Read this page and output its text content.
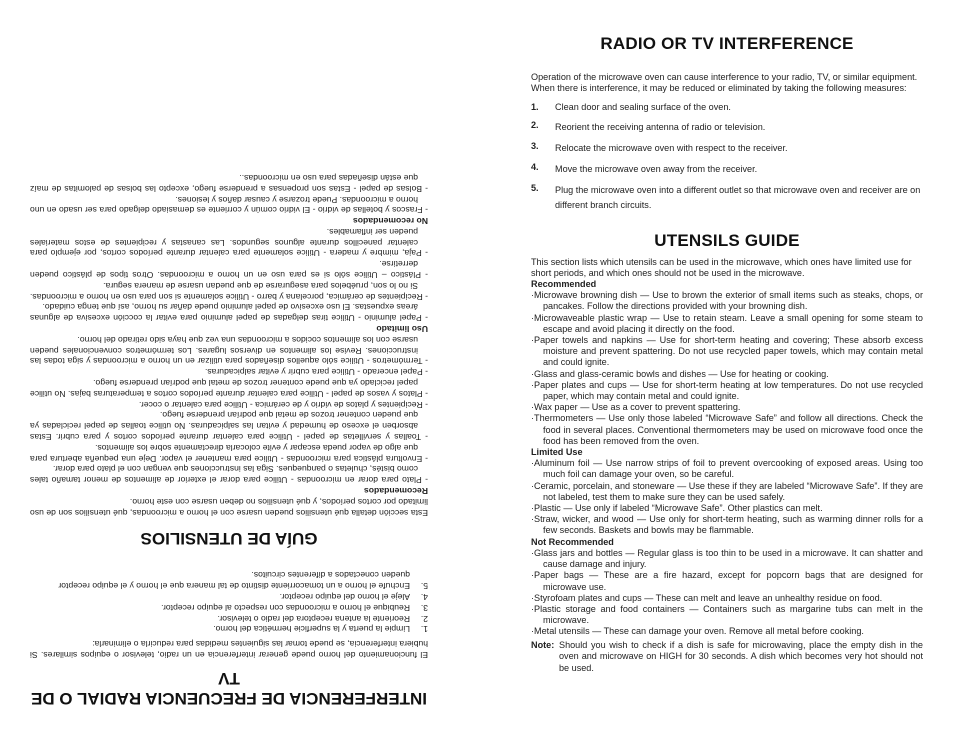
RADIO OR TV INTERFERENCE

Operation of the microwave oven can cause interference to your radio, TV, or similar equipment. When there is interference, it may be reduced or eliminated by taking the following measures:

1.	Clean door and sealing surface of the oven.
2.	Reorient the receiving antenna of radio or television.
3.	Relocate the microwave oven with respect to the receiver.
4.	Move the microwave oven away from the receiver.
5.	Plug the microwave oven into a different outlet so that microwave oven and receiver are on different branch circuits.
UTENSILS GUIDE

This section lists which utensils can be used in the microwave, which ones have limited use for short periods, and which ones should not be used in the microwave.

Recommended
·Microwave browning dish — Use to brown the exterior of small items such as steaks, chops, or pancakes. Follow the directions provided with your browning dish.
·Microwaveable plastic wrap — Use to retain steam. Leave a small opening for some steam to escape and avoid placing it directly on the food.
·Paper towels and napkins — Use for short-term heating and covering; These absorb excess moisture and prevent spattering. Do not use recycled paper towels, which may contain metal and could ignite.
·Glass and glass-ceramic bowls and dishes — Use for heating or cooking.
·Paper plates and cups — Use for short-term heating at low temperatures. Do not use recycled paper, which may contain metal and could ignite.
·Wax paper — Use as a cover to prevent spattering.
·Thermometers — Use only those labeled “Microwave Safe” and follow all directions. Check the food in several places. Conventional thermometers may be used on microwave food once the food has been removed from the oven.
Limited Use
·Aluminum foil — Use narrow strips of foil to prevent overcooking of exposed areas. Using too much foil can damage your oven, so be careful.
·Ceramic, porcelain, and stoneware — Use these if they are labeled “Microwave Safe”. If they are not labeled, test them to make sure they can be used safely.
·Plastic — Use only if labeled “Microwave Safe”. Other plastics can melt.
·Straw, wicker, and wood — Use only for short-term heating, such as warming dinner rolls for a few seconds. Baskets and bowls may be flammable.
Not Recommended
·Glass jars and bottles — Regular glass is too thin to be used in a microwave. It can shatter and cause damage and injury.
·Paper bags — These are a fire hazard, except for popcorn bags that are designed for microwave use.
·Styrofoam plates and cups — These can melt and leave an unhealthy residue on food.
·Plastic storage and food containers — Containers such as margarine tubs can melt in the microwave.
·Metal utensils — These can damage your oven. Remove all metal before cooking.
Note: Should you wish to check if a dish is safe for microwaving, place the empty dish in the oven and microwave on HIGH for 30 seconds. A dish which becomes very hot should not be used.
INTERFERENCIA DE FRECUENCIA RADIAL O DE TV

El funcionamiento del horno puede generar interferencia en un radio, televisor o equipos similares. Si hubiera interferencia, se puede tomar las siguientes medidas para reducirla o eliminarla:

1.
Limpie la puerta y la superficie hermética del horno.
2.
Reoriente la antena receptora del radio o televisor.
3.
Reubique el horno a microondas con respecto al equipo receptor.
4.
Aleje el horno del equipo receptor.
5.
Enchufe el horno a un tomacorriente distinto de tal manera que el horno y el equipo receptor queden conectados a diferentes circuitos.
GUÍA DE UTENSILIOS

Esta sección detalla qué utensilios pueden usarse con el horno a microondas, qué utensilios son de uso limitado por cortos períodos, y qué utensilios no deben usarse con este horno.

Recomendados
- Plato para dorar en microondas - Utilice para dorar el exterior de alimentos de menor tamaño tales como bistés, chuletas o panqueques. Siga las instrucciones que vengan con el plato para dorar.
- Envoltura plástica para microondas - Utilice para mantener el vapor. Deje una pequeña abertura para que algo de vapor pueda escapar y evite colocarla directamente sobre los alimentos.
- Toallas y servilletas de papel - Utilice para calentar durante períodos cortos y para cubrir. Estas absorben el exceso de humedad y evitan las salpicaduras. No utilice toallas de papel recicladas ya que pueden contener trozos de metal que podrían prenderse fuego.
- Recipientes y platos de vidrio y de cerámica - Utilice para calentar o cocer.
- Platos y vasos de papel - Utilice para calentar durante períodos cortos a temperaturas bajas. No utilice papel reciclado ya que puede contener trozos de metal que podrían prenderse fuego.
- Papel encerado - Utilice para cubrir y evitar salpicaduras.
- Termómetros - Utilice sólo aquellos diseñados para utilizar en un horno a microondas y siga todas las instrucciones. Revise los alimentos en diversos lugares. Los termómetros convencionales pueden usarse con los alimentos cocidos a microondas una vez que haya sido retirado del horno.
Uso limitado
- Papel aluminio - Utilice tiras delgadas de papel aluminio para evitar la cocción excesiva de algunas áreas expuestas. El uso excesivo de papel aluminio puede dañar su horno, así que tenga cuidado.
- Recipientes de cerámica, porcelana y barro - Utilice solamente si son para uso en horno a microondas. Si no lo son, pruébelos para asegurarse de que puedan usarse de manera segura.
- Plástico – Utilice sólo si es para uso en un horno a microondas. Otros tipos de plástico pueden derretirse.
- Paja, mimbre y madera - Utilice solamente para calentar durante períodos cortos, por ejemplo para calentar panecillos durante algunos segundos. Las canastas y recipientes de estos materiales pueden ser inflamables.
No recomendados
- Frascos y botellas de vidrio - El vidrio común y corriente es demasiado delgado para ser usado en uno horno a microondas. Puede trozarse y causar daños y lesiones.
- Bolsas de papel - Estas son propensas a prenderse fuego, excepto las bolsas de palomitas de maíz que están diseñadas para uso en microondas..
